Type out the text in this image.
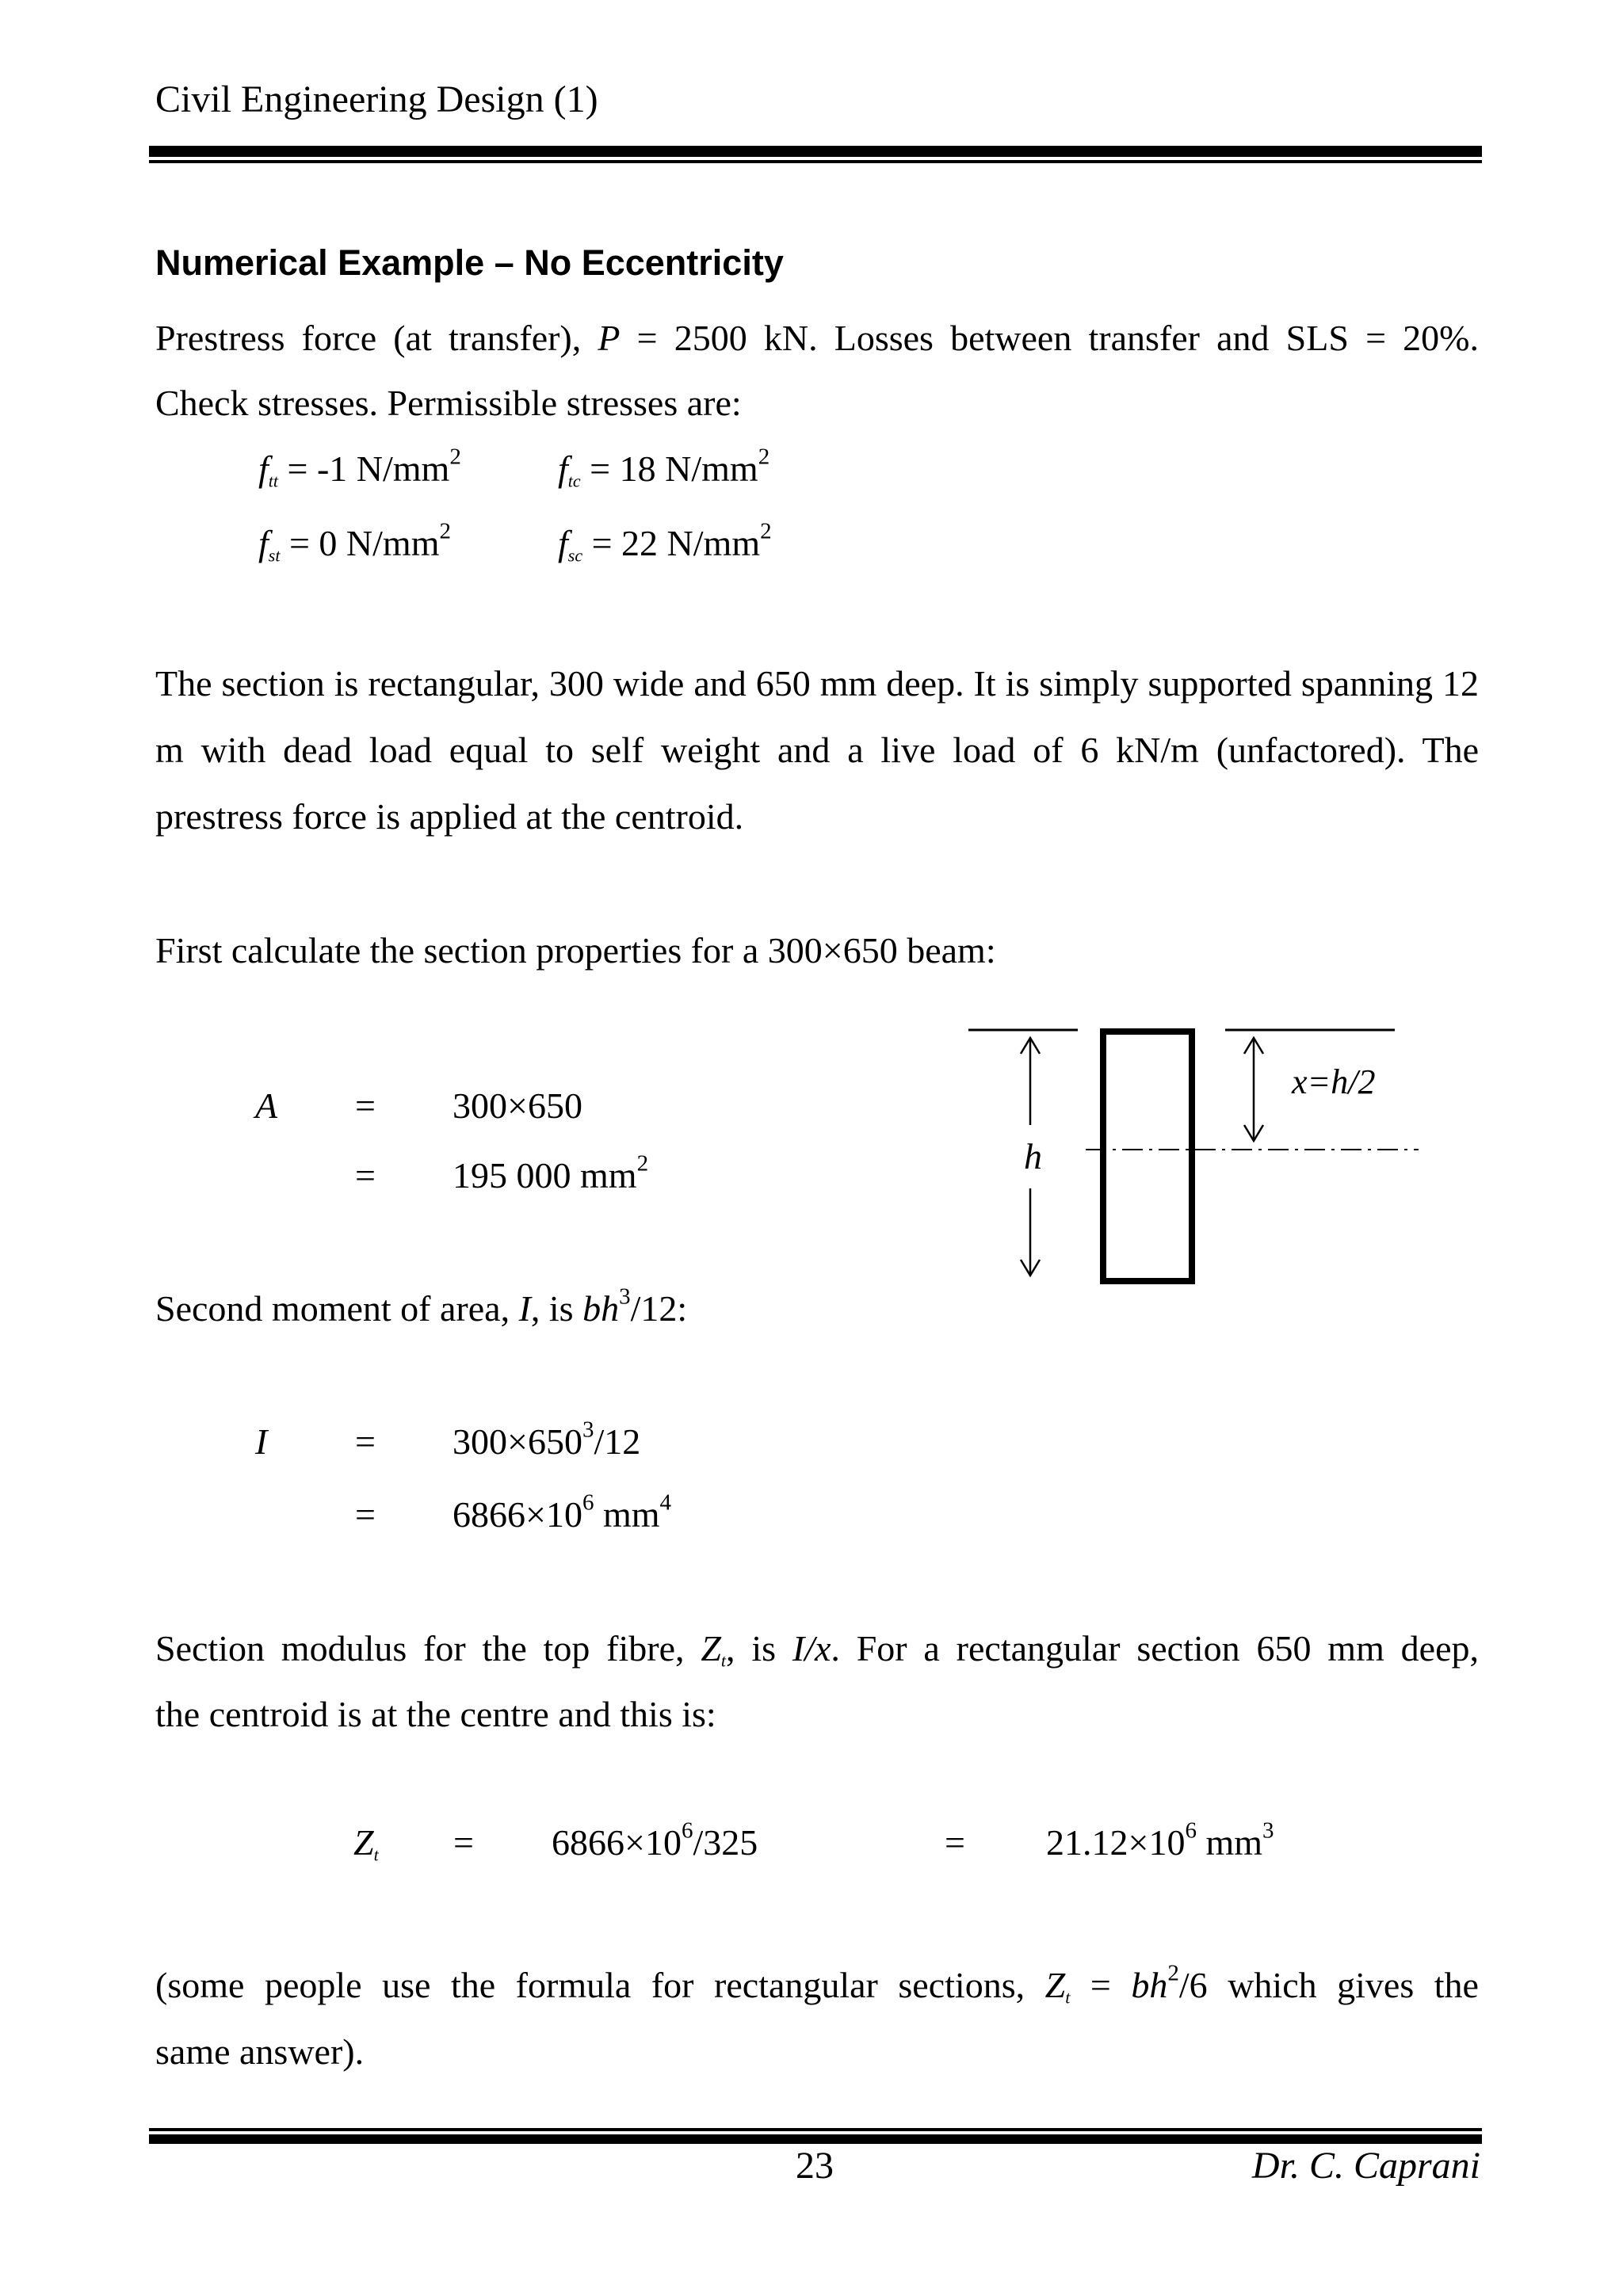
Civil Engineering Design (1)
Numerical Example – No Eccentricity
Prestress force (at transfer), P = 2500 kN. Losses between transfer and SLS = 20%.
Check stresses. Permissible stresses are:
$f_{tt} = -1$ $N/mm^2$	$f_{tc} = 18$ $N/mm^2$
$f_{st} = 0$ $N/mm^2$	$f_{sc} = 22$ $N/mm^2$
The section is rectangular, 300 wide and 650 mm deep. It is simply supported spanning 12 m with dead load equal to self weight and a live load of 6 kN/m (unfactored). The prestress force is applied at the centroid.
First calculate the section properties for a 300×650 beam:
A = 300×650
= 195 000 $mm^2$	h
x=h/2
Second moment of area, I, is $bh^3/12$:
$I = 300\times 650^3/12$
= $6866\times 10^6$ $mm^4$
Section modulus for the top fibre, $Z_t$, is I/x. For a rectangular section 650 mm deep,
the centroid is at the centre and this is:
$Z_t = 6866\times 10^6/325$	= $21.12\times 10^6$ $mm^3$
(some people use the formula for rectangular sections, $Z_t = bh^2/6$ which gives the
same answer).
23	Dr. C. Caprani
